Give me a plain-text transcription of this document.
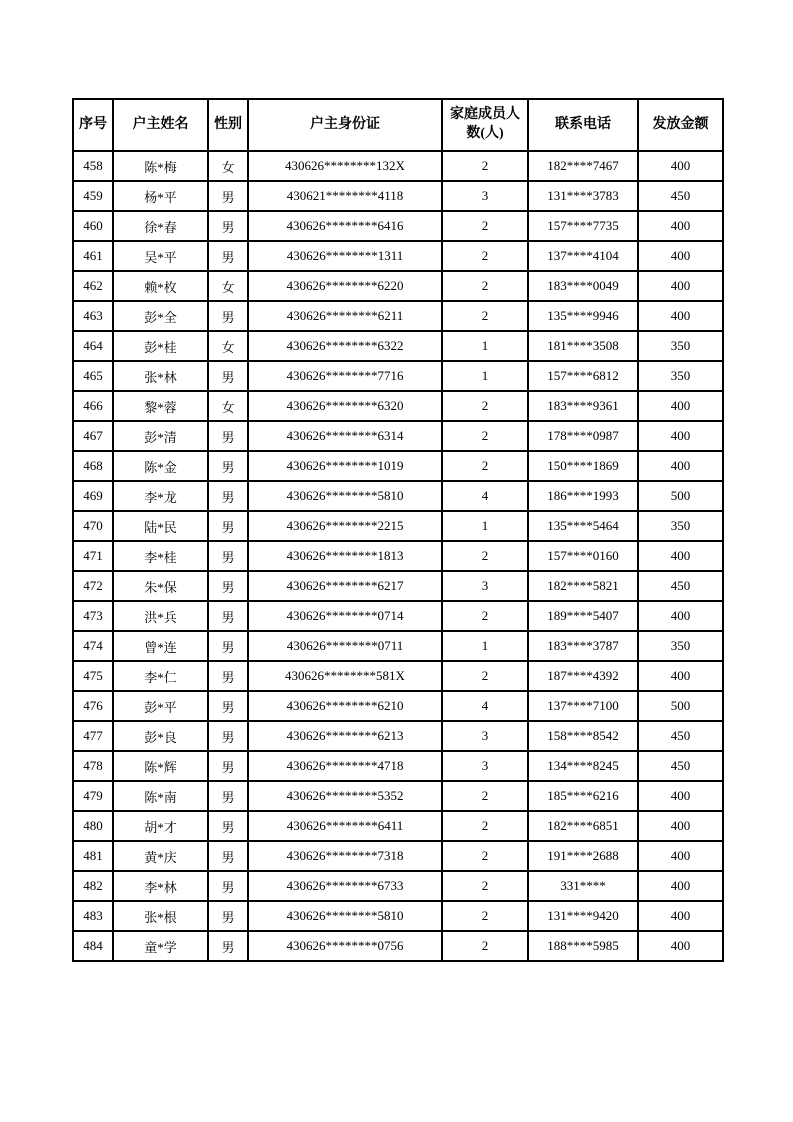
序号	户主姓名	性别	户主身份证	家庭成员人数(人)	联系电话	发放金额
458	陈*梅	女	430626********132X	2	182****7467	400
459	杨*平	男	430621********4118	3	131****3783	450
460	徐*春	男	430626********6416	2	157****7735	400
461	吴*平	男	430626********1311	2	137****4104	400
462	赖*枚	女	430626********6220	2	183****0049	400
463	彭*全	男	430626********6211	2	135****9946	400
464	彭*桂	女	430626********6322	1	181****3508	350
465	张*林	男	430626********7716	1	157****6812	350
466	黎*蓉	女	430626********6320	2	183****9361	400
467	彭*清	男	430626********6314	2	178****0987	400
468	陈*金	男	430626********1019	2	150****1869	400
469	李*龙	男	430626********5810	4	186****1993	500
470	陆*民	男	430626********2215	1	135****5464	350
471	李*桂	男	430626********1813	2	157****0160	400
472	朱*保	男	430626********6217	3	182****5821	450
473	洪*兵	男	430626********0714	2	189****5407	400
474	曾*连	男	430626********0711	1	183****3787	350
475	李*仁	男	430626********581X	2	187****4392	400
476	彭*平	男	430626********6210	4	137****7100	500
477	彭*良	男	430626********6213	3	158****8542	450
478	陈*辉	男	430626********4718	3	134****8245	450
479	陈*南	男	430626********5352	2	185****6216	400
480	胡*才	男	430626********6411	2	182****6851	400
481	黄*庆	男	430626********7318	2	191****2688	400
482	李*林	男	430626********6733	2	331****	400
483	张*根	男	430626********5810	2	131****9420	400
484	童*学	男	430626********0756	2	188****5985	400
